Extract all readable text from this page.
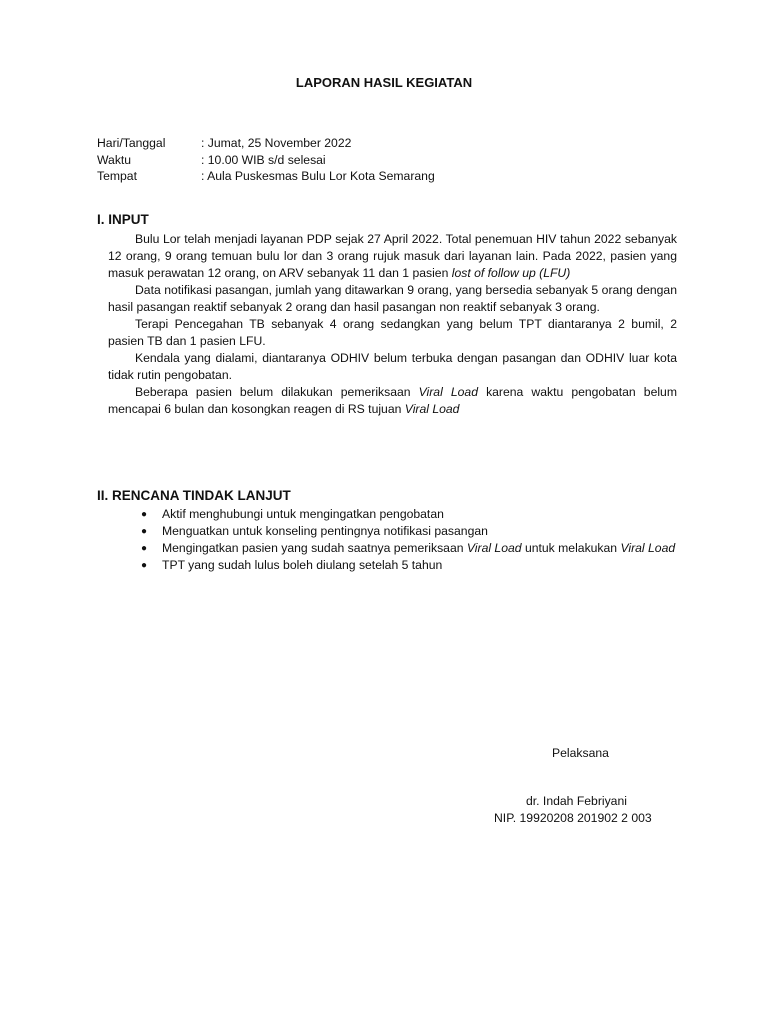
LAPORAN HASIL KEGIATAN
Hari/Tanggal	: Jumat, 25 November 2022
Waktu	: 10.00 WIB s/d selesai
Tempat	: Aula Puskesmas Bulu Lor Kota Semarang
I. INPUT

Bulu Lor telah menjadi layanan PDP sejak 27 April 2022. Total penemuan HIV tahun 2022 sebanyak 12 orang, 9 orang temuan bulu lor dan 3 orang rujuk masuk dari layanan lain. Pada 2022, pasien yang masuk perawatan 12 orang, on ARV sebanyak 11 dan 1 pasien lost of follow up (LFU)

Data notifikasi pasangan, jumlah yang ditawarkan 9 orang, yang bersedia sebanyak 5 orang dengan hasil pasangan reaktif sebanyak 2 orang dan hasil pasangan non reaktif sebanyak 3 orang.

Terapi Pencegahan TB sebanyak 4 orang sedangkan yang belum TPT diantaranya 2 bumil, 2 pasien TB dan 1 pasien LFU.

Kendala yang dialami, diantaranya ODHIV belum terbuka dengan pasangan dan ODHIV luar kota tidak rutin pengobatan.

Beberapa pasien belum dilakukan pemeriksaan Viral Load karena waktu pengobatan belum mencapai 6 bulan dan kosongkan reagen di RS tujuan Viral Load

II. RENCANA TINDAK LANJUT
● Aktif menghubungi untuk mengingatkan pengobatan
● Menguatkan untuk konseling pentingnya notifikasi pasangan
● Mengingatkan pasien yang sudah saatnya pemeriksaan Viral Load untuk melakukan Viral Load
● TPT yang sudah lulus boleh diulang setelah 5 tahun
Pelaksana
dr. Indah Febriyani
NIP. 19920208 201902 2 003
